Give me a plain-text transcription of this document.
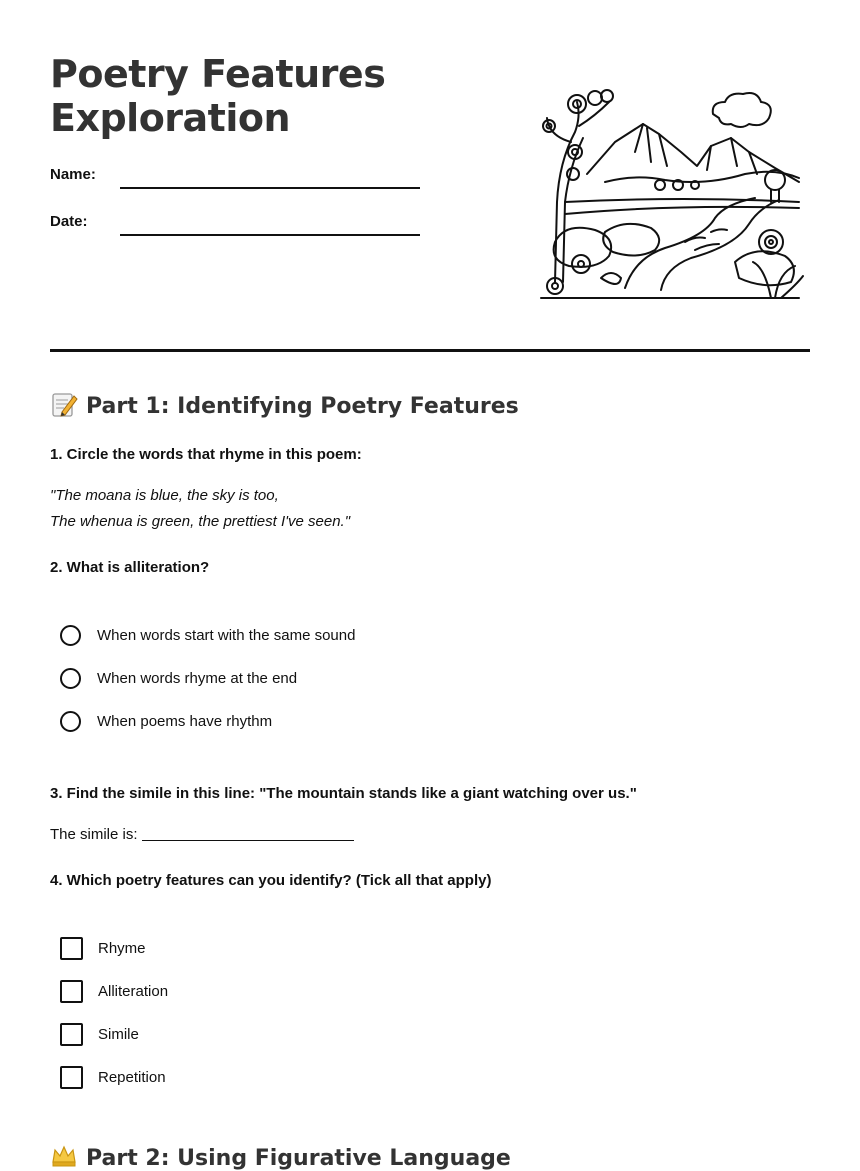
Poetry Features
Exploration
Name:
Date:
Part 1: Identifying Poetry Features
1. Circle the words that rhyme in this poem:
"The moana is blue, the sky is too,
The whenua is green, the prettiest I've seen."
2. What is alliteration?
When words start with the same sound
When words rhyme at the end
When poems have rhythm
3. Find the simile in this line: "The mountain stands like a giant watching over us."
The simile is:
4. Which poetry features can you identify? (Tick all that apply)
Rhyme
Alliteration
Simile
Repetition
Part 2: Using Figurative Language
